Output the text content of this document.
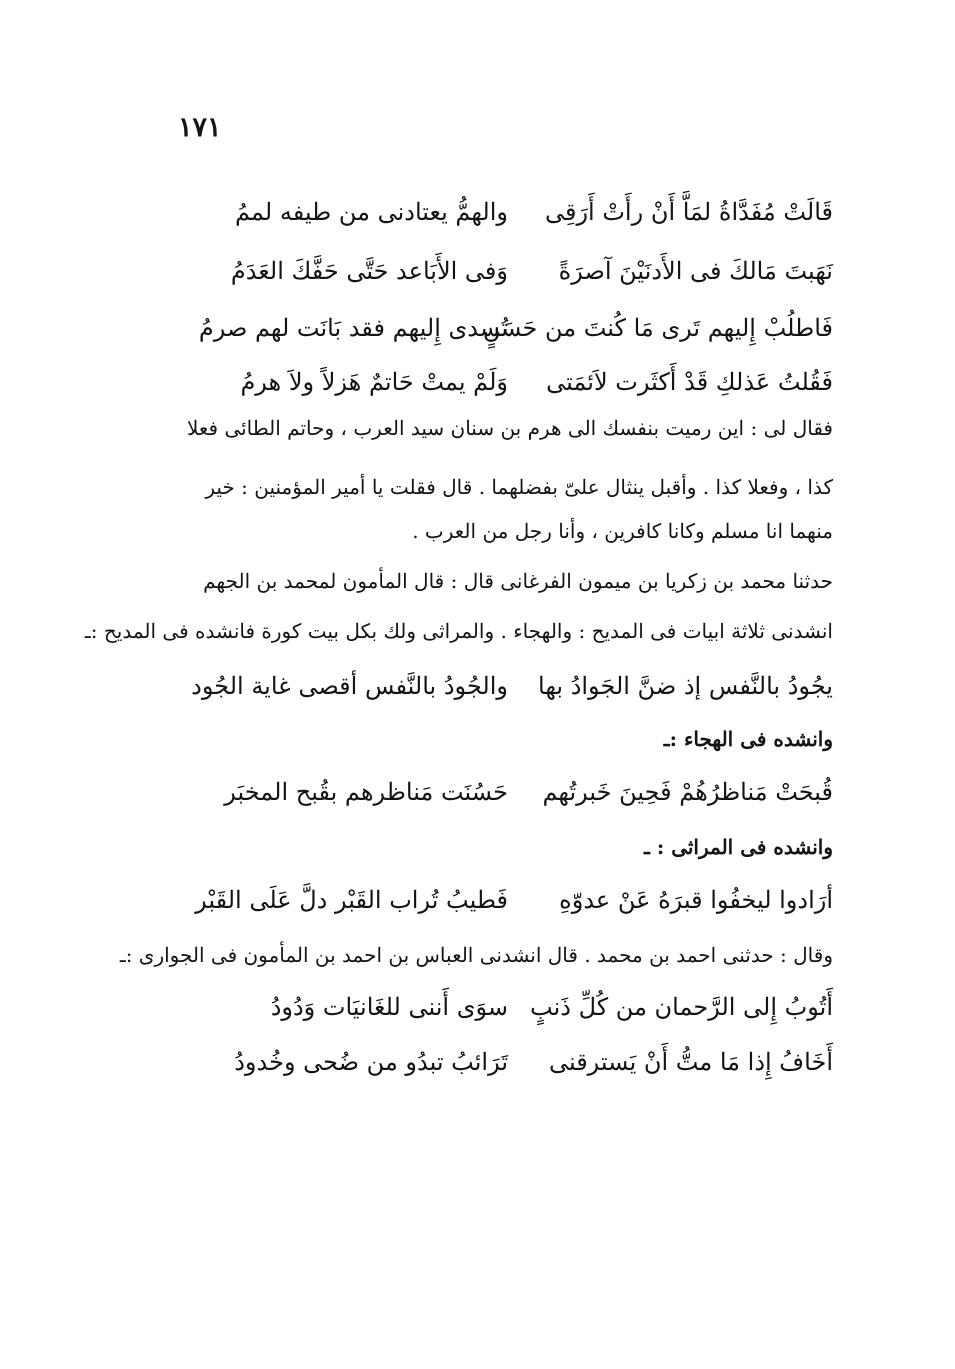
١٧١
قَالَتْ مُفَدَّاةُ لمَاَّ أَنْ رأَتْ أَرَقِى
والهمُّ يعتادنى من طيفه لممُ
نَهَبتَ مَالكَ فى الأَدنَيْنَ آصرَةً
وَفى الأَبَاعد حَتَّى حَفَّكَ العَدَمُ
فَاطلُبْ إِليهم تَرى مَا كُنتَ من حَسَنٍ
تُسدى إِليهم فقد بَانَت لهم صرمُ
فَقُلتُ عَذلكِ قَدْ أَكثَرت لاَئمَتى
وَلَمْ يمتْ حَاتمٌ هَزلاً ولاَ هرمُ
فقال لى : اين رميت بنفسك الى هرم بن سنان سيد العرب ، وحاتم الطائى فعلا
كذا ، وفعلا كذا . وأقبل ينثال علىّ بفضلهما . قال فقلت يا أمير المؤمنين : خير
منهما انا مسلم وكانا كافرين ، وأنا رجل من العرب .
حدثنا محمد بن زكريا بن ميمون الفرغانى قال : قال المأمون لمحمد بن الجهم
انشدنى ثلاثة ابيات فى المديح : والهجاء . والمراثى ولك بكل بيت كورة فانشده فى المديح :ـ
يجُودُ بالنَّفس إذ ضنَّ الجَوادُ بها
والجُودُ بالنَّفس أقصى غاية الجُود
وانشده فى الهجاء :ـ
قُبحَتْ مَناظرُهُمْ فَحِينَ خَبرتُهم
حَسُنَت مَناظرهم بقُبح المخبَر
وانشده فى المراثى : ـ
أرَادوا ليخفُوا قبرَهُ عَنْ عدوّهِ
فَطيبُ تُراب القَبْر دلَّ عَلَى القَبْر
وقال : حدثنى احمد بن محمد . قال انشدنى العباس بن احمد بن المأمون فى الجوارى :ـ
أَتُوبُ إِلى الرَّحمان من كُلِّ ذَنبٍ
سوَى أَننى للغَانيَات وَدُودُ
أَخَافُ إِذا مَا متُّ أَنْ يَسترقنى
تَرَائبُ تبدُو من ضُحى وخُدودُ
